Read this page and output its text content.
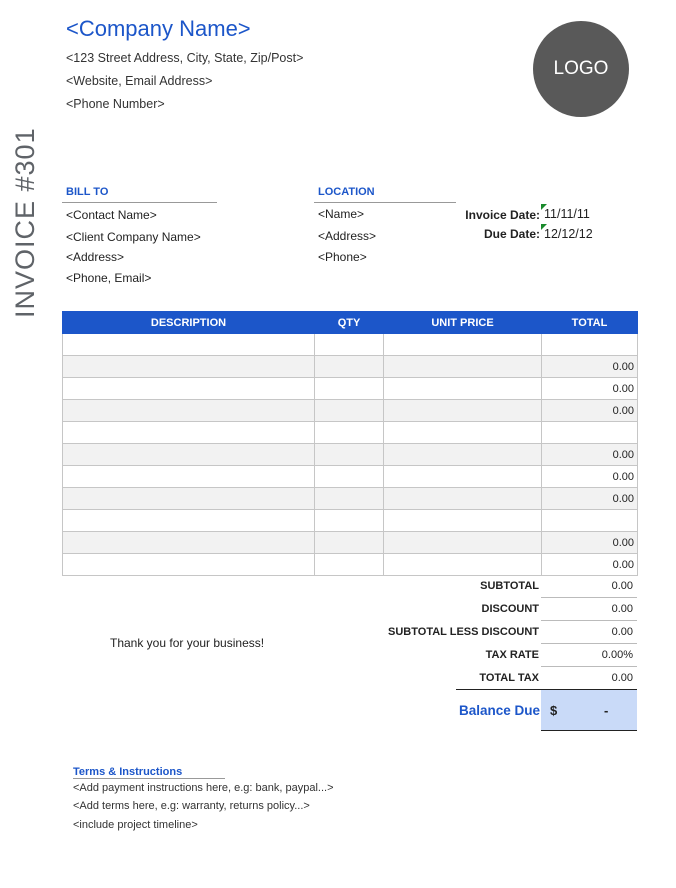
<Company Name>
<123 Street Address, City, State, Zip/Post>
<Website, Email Address>
<Phone Number>
LOGO
INVOICE #301 BILL TO
<Contact Name>
<Client Company Name>
<Address>
<Phone, Email>
LOCATION
<Name>
<Address>
<Phone>
Invoice Date: 11/11/11
Due Date: 12/12/12
DESCRIPTION	QTY	UNIT PRICE	TOTAL

			0.00
			0.00
			0.00

			0.00
			0.00
			0.00

			0.00
			0.00
SUBTOTAL	0.00
DISCOUNT	0.00
SUBTOTAL LESS DISCOUNT	0.00
TAX RATE	0.00%
TOTAL TAX	0.00
Thank you for your business!
Balance Due $	-
Terms & Instructions
<Add payment instructions here, e.g: bank, paypal...>
<Add terms here, e.g: warranty, returns policy...>
<include project timeline>
